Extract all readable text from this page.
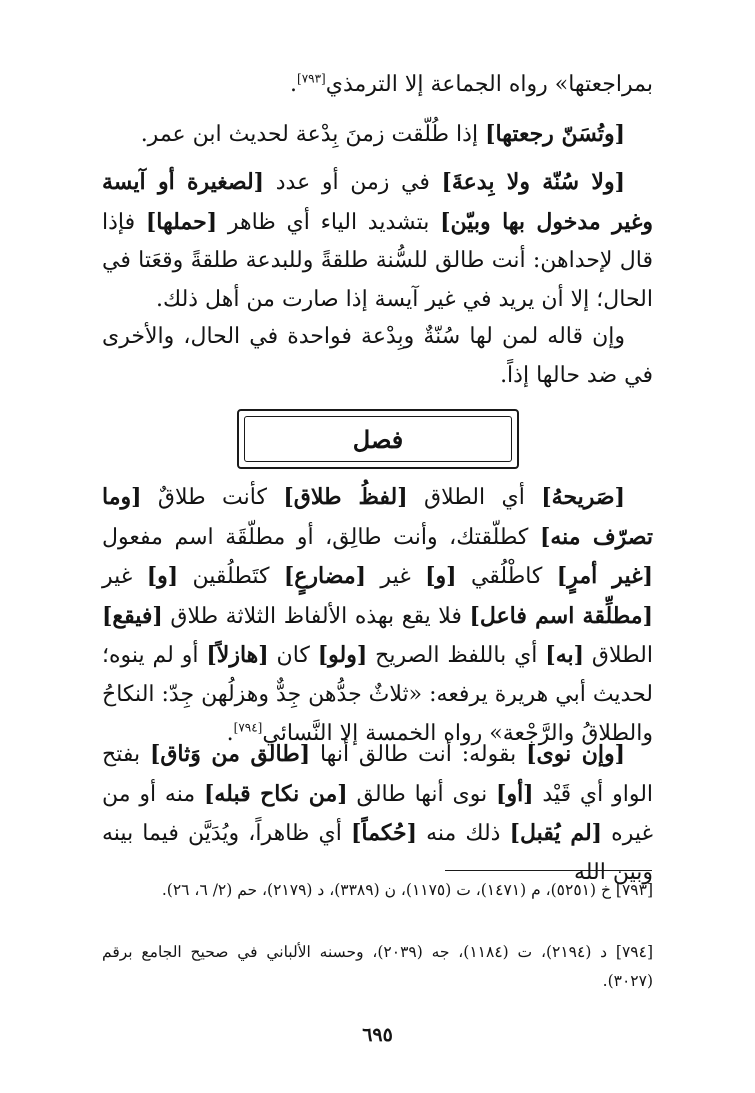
بمراجعتها» رواه الجماعة إلا الترمذي[٧٩٣].

[وتُسَنّ رجعتها] إذا طُلّقت زمنَ بِدْعة لحديث ابن عمر.

[ولا سُنّة ولا بِدعةَ] في زمن أو عدد [لصغيرة أو آيسة وغير مدخول بها وبيّن] بتشديد الياء أي ظاهر [حملها] فإذا قال لإحداهن: أنت طالق للسُّنة طلقةً وللبدعة طلقةً وقعَتا في الحال؛ إلا أن يريد في غير آيسة إذا صارت من أهل ذلك.

وإن قاله لمن لها سُنّةٌ وبِدْعة فواحدة في الحال، والأخرى في ضد حالها إذاً.

فصل

[صَريحهُ] أي الطلاق [لفظُ طلاق] كأنت طلاقٌ [وما تصرّف منه] كطلّقتك، وأنت طالِق، أو مطلّقَة اسم مفعول [غير أمرٍ] كاطْلُقي [و] غير [مضارعٍ] كتَطلُقين [و] غير [مطلِّقة اسم فاعل] فلا يقع بهذه الألفاظ الثلاثة طلاق [فيقع] الطلاق [به] أي باللفظ الصريح [ولو] كان [هازلاً] أو لم ينوه؛ لحديث أبي هريرة يرفعه: «ثلاثٌ جدُّهن جِدٌّ وهزلُهن جِدّ: النكاحُ والطلاقُ والرَّجْعة» رواه الخمسة إلا النَّسائي[٧٩٤].

[وإن نوى] بقوله: أنت طالق أنها [طالق من وَثاق] بفتح الواو أي قَيْد [أو] نوى أنها طالق [من نكاح قبله] منه أو من غيره [لم يُقبل] ذلك منه [حُكماً] أي ظاهراً، ويُدَيَّن فيما بينه وبين الله

[٧٩٣] خ (٥٢٥١)، م (١٤٧١)، ت (١١٧٥)، ن (٣٣٨٩)، د (٢١٧٩)، حم (٢/ ٦، ٢٦).
[٧٩٤] د (٢١٩٤)، ت (١١٨٤)، جه (٢٠٣٩)، وحسنه الألباني في صحيح الجامع برقم (٣٠٢٧).
٦٩٥
